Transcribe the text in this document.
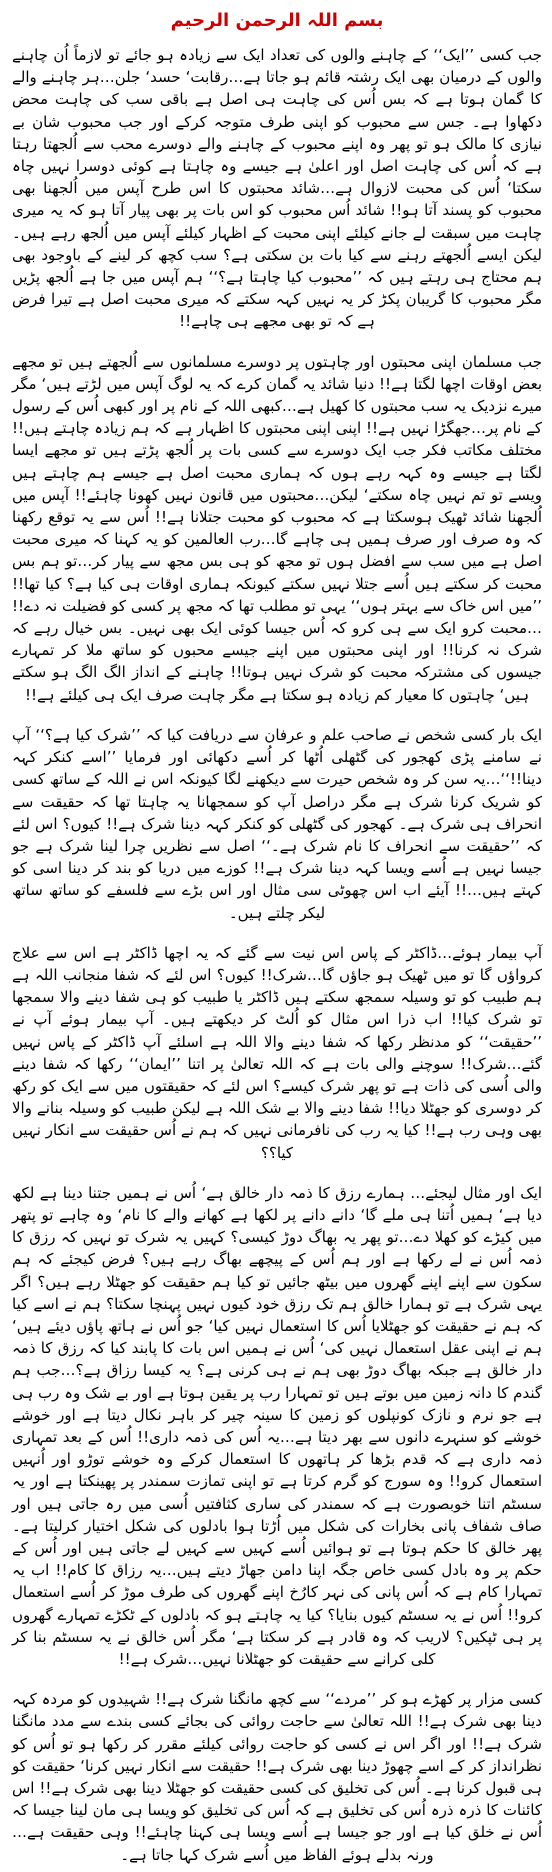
بسم اللہ الرحمن الرحیم

جب کسی ’’ایک‘‘ کے چاہنے والوں کی تعداد ایک سے زیادہ ہو جائے تو لازماً اُن چاہنے والوں کے درمیان بھی ایک رشتہ قائم ہو جاتا ہے…رقابت‘ حسد‘ جلن…ہر چاہنے والے کا گمان ہوتا ہے کہ بس اُس کی چاہت ہی اصل ہے باقی سب کی چاہت محض دکھاوا ہے۔ جس سے محبوب کو اپنی طرف متوجہ کرکے اور جب محبوب شان بے نیازی کا مالک ہو تو پھر وہ اپنے محبوب کے چاہنے والے دوسرے محب سے اُلجھتا رہتا ہے کہ اُس کی چاہت اصل اور اعلیٰ ہے جیسے وہ چاہتا ہے کوئی دوسرا نہیں چاہ سکتا‘ اُس کی محبت لازوال ہے…شائد محبتوں کا اس طرح آپس میں اُلجھنا بھی محبوب کو پسند آتا ہو!! شائد اُس محبوب کو اس بات پر بھی پیار آتا ہو کہ یہ میری چاہت میں سبقت لے جانے کیلئے اپنی محبت کے اظہار کیلئے آپس میں اُلجھ رہے ہیں۔ لیکن ایسے اُلجھتے رہنے سے کیا بات بن سکتی ہے؟ سب کچھ کر لینے کے باوجود بھی ہم محتاج ہی رہتے ہیں کہ ’’محبوب کیا چاہتا ہے؟‘‘ ہم آپس میں جا ہے اُلجھ پڑیں مگر محبوب کا گریبان پکڑ کر یہ نہیں کہہ سکتے کہ میری محبت اصل ہے تیرا فرض ہے کہ تو بھی مجھے ہی چاہے!!

جب مسلمان اپنی محبتوں اور چاہتوں پر دوسرے مسلمانوں سے اُلجھتے ہیں تو مجھے بعض اوقات اچھا لگتا ہے!! دنیا شائد یہ گمان کرے کہ یہ لوگ آپس میں لڑتے ہیں‘ مگر میرے نزدیک یہ سب محبتوں کا کھیل ہے…کبھی اللہ کے نام پر اور کبھی اُس کے رسول کے نام پر…جھگڑا نہیں ہے!! اپنی اپنی محبتوں کا اظہار ہے کہ ہم زیادہ چاہتے ہیں!! مختلف مکاتب فکر جب ایک دوسرے سے کسی بات پر اُلجھ پڑتے ہیں تو مجھے ایسا لگتا ہے جیسے وہ کہہ رہے ہوں کہ ہماری محبت اصل ہے جیسے ہم چاہتے ہیں ویسے تو تم نہیں چاہ سکتے‘ لیکن…محبتوں میں قانون نہیں کھونا چاہئے!! آپس میں اُلجھنا شائد ٹھیک ہوسکتا ہے کہ محبوب کو محبت جتلانا ہے!! اُس سے یہ توقع رکھنا کہ وہ صرف اور صرف ہمیں ہی چاہے گا…رب العالمین کو یہ کہنا کہ میری محبت اصل ہے میں سب سے افضل ہوں تو مجھ کو ہی بس مجھ سے پیار کر…تو ہم بس محبت کر سکتے ہیں اُسے جتلا نہیں سکتے کیونکہ ہماری اوقات ہی کیا ہے؟ کیا تھا!! ’’میں اس خاک سے بہتر ہوں‘‘ یہی تو مطلب تھا کہ مجھ پر کسی کو فضیلت نہ دے!! …محبت کرو ایک سے ہی کرو کہ اُس جیسا کوئی ایک بھی نہیں۔ بس خیال رہے کہ شرک نہ کرنا!! اور اپنی محبتوں میں اپنے جیسے محبوں کو ساتھ ملا کر تمہارے جیسوں کی مشترکہ محبت کو شرک نہیں ہوتا!! چاہنے کے انداز الگ الگ ہو سکتے ہیں‘ چاہتوں کا معیار کم زیادہ ہو سکتا ہے مگر چاہت صرف ایک ہی کیلئے ہے!!

ایک بار کسی شخص نے صاحب علم و عرفان سے دریافت کیا کہ ’’شرک کیا ہے؟‘‘ آپ نے سامنے پڑی کھجور کی گٹھلی اُٹھا کر اُسے دکھائی اور فرمایا ’’اسے کنکر کہہ دینا!!‘‘…یہ سن کر وہ شخص حیرت سے دیکھنے لگا کیونکہ اس نے اللہ کے ساتھ کسی کو شریک کرنا شرک ہے مگر دراصل آپ کو سمجھانا یہ چاہتا تھا کہ حقیقت سے انحراف ہی شرک ہے۔ کھجور کی گٹھلی کو کنکر کہہ دینا شرک ہے!! کیوں؟ اس لئے کہ ’’حقیقت سے انحراف کا نام شرک ہے۔‘‘ اصل سے نظریں چرا لینا شرک ہے جو جیسا نہیں ہے اُسے ویسا کہہ دینا شرک ہے!! کوزے میں دریا کو بند کر دینا اسی کو کہتے ہیں…!! آیئے اب اس چھوٹی سی مثال اور اس بڑے سے فلسفے کو ساتھ ساتھ لیکر چلتے ہیں۔

آپ بیمار ہوئے…ڈاکٹر کے پاس اس نیت سے گئے کہ یہ اچھا ڈاکٹر ہے اس سے علاج کرواؤں گا تو میں ٹھیک ہو جاؤں گا…شرک!! کیوں؟ اس لئے کہ شفا منجانب اللہ ہے ہم طبیب کو تو وسیلہ سمجھ سکتے ہیں ڈاکٹر یا طبیب کو ہی شفا دینے والا سمجھا تو شرک کیا!! اب ذرا اس مثال کو اُلٹ کر دیکھتے ہیں۔ آپ بیمار ہوئے آپ نے ’’حقیقت‘‘ کو مدنظر رکھا کہ شفا دینے والا اللہ ہے اسلئے آپ ڈاکٹر کے پاس نہیں گئے…شرک!! سوچنے والی بات ہے کہ اللہ تعالیٰ پر اتنا ’’ایمان‘‘ رکھا کہ شفا دینے والی اُسی کی ذات ہے تو پھر شرک کیسے؟ اس لئے کہ حقیقتوں میں سے ایک کو رکھ کر دوسری کو جھٹلا دیا!! شفا دینے والا بے شک اللہ ہے لیکن طبیب کو وسیلہ بنانے والا بھی وہی رب ہے!! کیا یہ رب کی نافرمانی نہیں کہ ہم نے اُس حقیقت سے انکار نہیں کیا؟؟

ایک اور مثال لیجئے… ہمارے رزق کا ذمہ دار خالق ہے‘ اُس نے ہمیں جتنا دینا ہے لکھ دیا ہے‘ ہمیں اُتنا ہی ملے گا‘ دانے دانے پر لکھا ہے کھانے والے کا نام‘ وہ چاہے تو پتھر میں کیڑے کو کھلا دے…تو پھر یہ بھاگ دوڑ کیسی؟ کہیں یہ شرک تو نہیں کہ رزق کا ذمہ اُس نے لے رکھا ہے اور ہم اُس کے پیچھے بھاگ رہے ہیں؟ فرض کیجئے کہ ہم سکون سے اپنے اپنے گھروں میں بیٹھ جائیں تو کیا ہم حقیقت کو جھٹلا رہے ہیں؟ اگر یہی شرک ہے تو ہمارا خالق ہم تک رزق خود کیوں نہیں پہنچا سکتا؟ ہم نے اسے کیا کہ ہم نے حقیقت کو جھٹلایا اُس کا استعمال نہیں کیا‘ جو اُس نے ہاتھ پاؤں دیئے ہیں‘ ہم نے اپنی عقل استعمال نہیں کی‘ اُس نے ہمیں اس بات کا پابند کیا کہ رزق کا ذمہ دار خالق ہے جبکہ بھاگ دوڑ بھی ہم نے ہی کرنی ہے؟ یہ کیسا رزاق ہے؟…جب ہم گندم کا دانہ زمین میں بوتے ہیں تو تمہارا رب پر یقین ہوتا ہے اور بے شک وہ رب ہی ہے جو نرم و نازک کونپلوں کو زمین کا سینہ چیر کر باہر نکال دیتا ہے اور خوشے خوشے کو سنہرے دانوں سے بھر دیتا ہے…یہ اُس کی ذمہ داری!! اُس کے بعد تمہاری ذمہ داری ہے کہ قدم بڑھا کر ہاتھوں کا استعمال کرکے وہ خوشے توڑو اور اُنہیں استعمال کرو!! وہ سورج کو گرم کرتا ہے تو اپنی تمازت سمندر پر پھینکتا ہے اور یہ سسٹم اتنا خوبصورت ہے کہ سمندر کی ساری کثافتیں اُسی میں رہ جاتی ہیں اور صاف شفاف پانی بخارات کی شکل میں اُڑتا ہوا بادلوں کی شکل اختیار کرلیتا ہے۔ پھر خالق کا حکم ہوتا ہے تو ہوائیں اُسے کہیں سے کہیں لے جاتی ہیں اور اُس کے حکم پر وہ بادل کسی خاص جگہ اپنا دامن جھاڑ دیتے ہیں…یہ رزاق کا کام!! اب یہ تمہارا کام ہے کہ اُس پانی کی نہر کارُخ اپنے گھروں کی طرف موڑ کر اُسے استعمال کرو!! اُس نے یہ سسٹم کیوں بنایا؟ کیا یہ چاہتے ہو کہ بادلوں کے ٹکڑے تمہارے گھروں پر ہی ٹپکیں؟ لاریب کہ وہ قادر ہے کر سکتا ہے‘ مگر اُس خالق نے یہ سسٹم بنا کر کلی کرانے سے حقیقت کو جھٹلانا نہیں…شرک ہے!!

کسی مزار پر کھڑے ہو کر ’’مردے‘‘ سے کچھ مانگنا شرک ہے!! شہیدوں کو مردہ کہہ دینا بھی شرک ہے!! اللہ تعالیٰ سے حاجت روائی کی بجائے کسی بندے سے مدد مانگنا شرک ہے!! اور اگر اس نے کسی کو حاجت روائی کیلئے مقرر کر رکھا ہو تو اُس کو نظرانداز کر کے اسے چھوڑ دینا بھی شرک ہے!! حقیقت سے انکار نہیں کرنا‘ حقیقت کو ہی قبول کرنا ہے۔ اُس کی تخلیق کی کسی حقیقت کو جھٹلا دینا بھی شرک ہے!! اس کائنات کا ذرہ ذرہ اُس کی تخلیق ہے کہ اُس کی تخلیق کو ویسا ہی مان لینا جیسا کہ اُس نے خلق کیا ہے اور جو جیسا ہے اُسے ویسا ہی کہنا چاہئے!! وہی حقیقت ہے… ورنہ بدلے ہوئے الفاظ میں اُسے شرک کہا جاتا ہے۔
